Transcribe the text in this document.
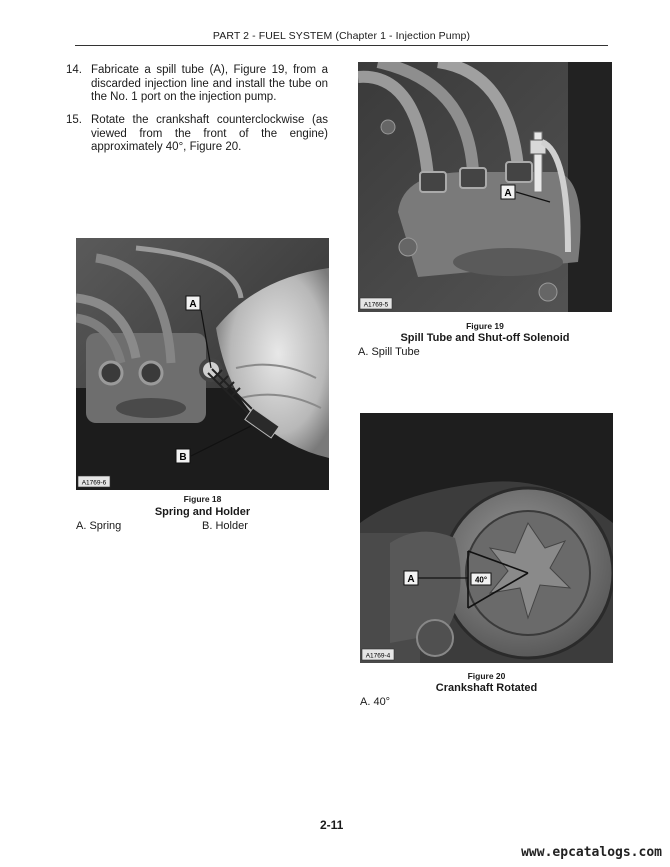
PART 2 - FUEL SYSTEM (Chapter 1 - Injection Pump)
14. Fabricate a spill tube (A), Figure 19, from a discarded injection line and install the tube on the No. 1 port on the injection pump.
15. Rotate the crankshaft counterclockwise (as viewed from the front of the engine) approximately 40°, Figure 20.
A
B
A1769-6
Figure 18
Spring and Holder
A. Spring	B. Holder
A
A1769-5
Figure 19
Spill Tube and Shut-off Solenoid
A. Spill Tube
A	40°
A1769-4
Figure 20
Crankshaft Rotated
A. 40°
2-11
www.epcatalogs.com
